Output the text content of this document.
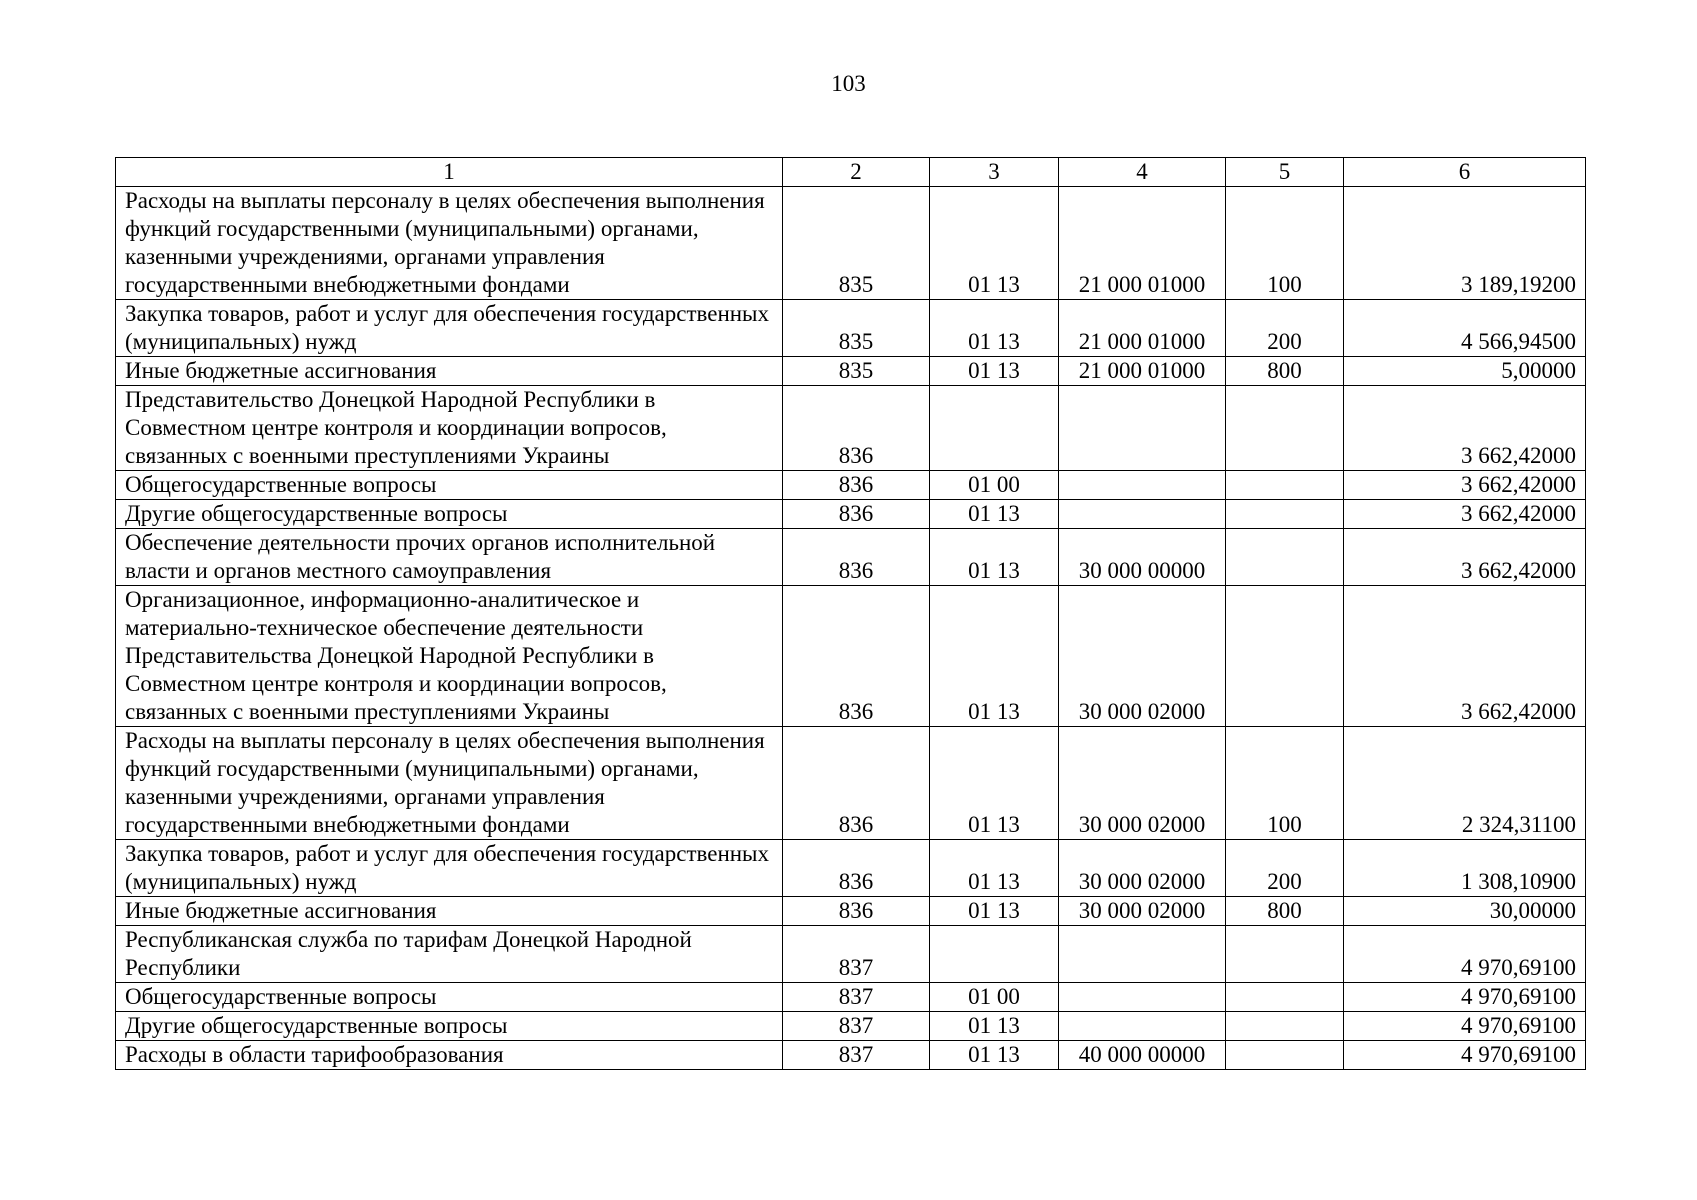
103
1	2	3	4	5	6
Расходы на выплаты персоналу в целях обеспечения выполнения функций государственными (муниципальными) органами, казенными учреждениями, органами управления государственными внебюджетными фондами	835	01 13	21 000 01000	100	3 189,19200
Закупка товаров, работ и услуг для обеспечения государственных (муниципальных) нужд	835	01 13	21 000 01000	200	4 566,94500
Иные бюджетные ассигнования	835	01 13	21 000 01000	800	5,00000
Представительство Донецкой Народной Республики в Совместном центре контроля и координации вопросов, связанных с военными преступлениями Украины	836				3 662,42000
Общегосударственные вопросы	836	01 00			3 662,42000
Другие общегосударственные вопросы	836	01 13			3 662,42000
Обеспечение деятельности прочих органов исполнительной власти и органов местного самоуправления	836	01 13	30 000 00000		3 662,42000
Организационное, информационно-аналитическое и материально-техническое обеспечение деятельности Представительства Донецкой Народной Республики в Совместном центре контроля и координации вопросов, связанных с военными преступлениями Украины	836	01 13	30 000 02000		3 662,42000
Расходы на выплаты персоналу в целях обеспечения выполнения функций государственными (муниципальными) органами, казенными учреждениями, органами управления государственными внебюджетными фондами	836	01 13	30 000 02000	100	2 324,31100
Закупка товаров, работ и услуг для обеспечения государственных (муниципальных) нужд	836	01 13	30 000 02000	200	1 308,10900
Иные бюджетные ассигнования	836	01 13	30 000 02000	800	30,00000
Республиканская служба по тарифам Донецкой Народной Республики	837				4 970,69100
Общегосударственные вопросы	837	01 00			4 970,69100
Другие общегосударственные вопросы	837	01 13			4 970,69100
Расходы в области тарифообразования	837	01 13	40 000 00000		4 970,69100
